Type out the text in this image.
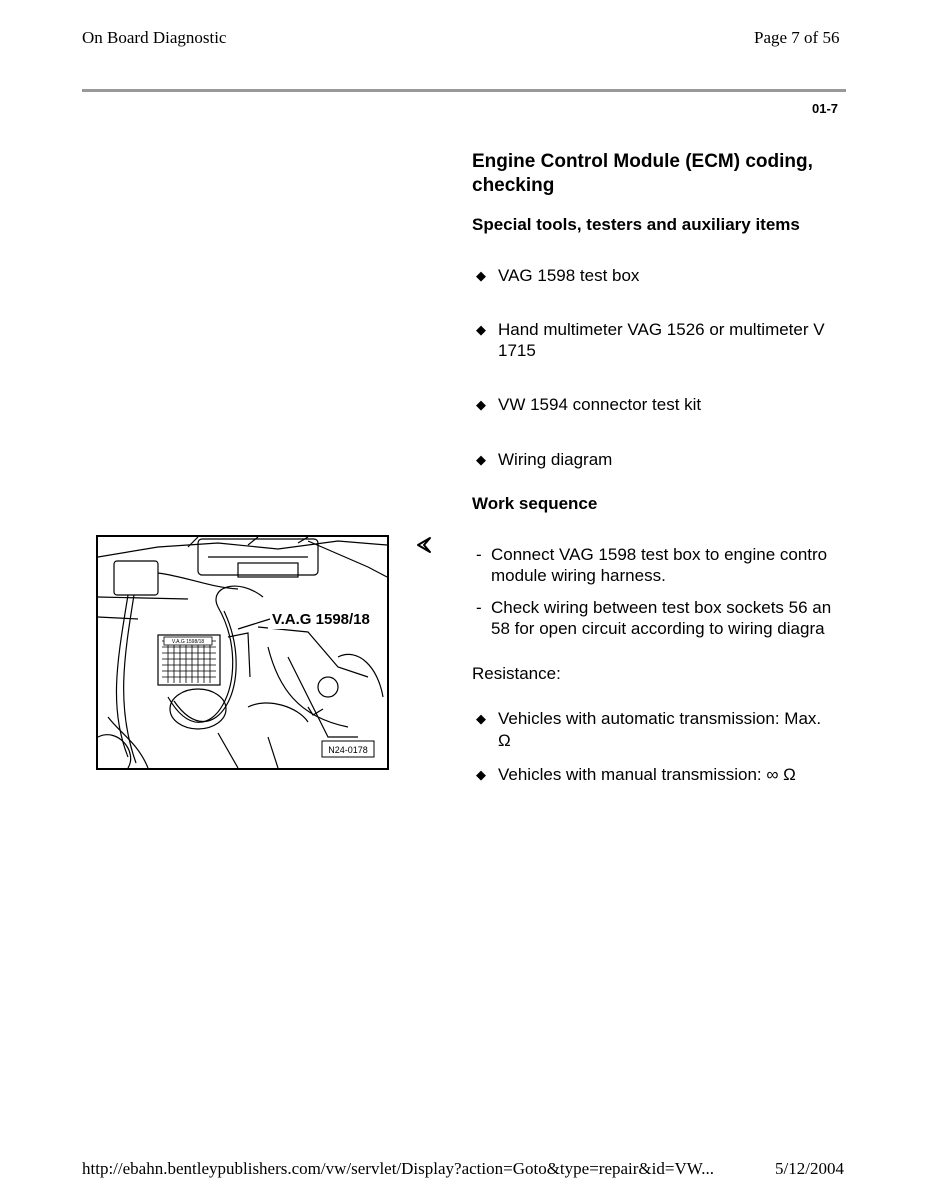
On Board Diagnostic	Page 7 of 56
01-7
Engine Control Module (ECM) coding, checking
Special tools, testers and auxiliary items
◆ VAG 1598 test box
◆ Hand multimeter VAG 1526 or multimeter V
1715
◆ VW 1594 connector test kit
◆ Wiring diagram
Work sequence
- Connect VAG 1598 test box to engine contro
module wiring harness.
- Check wiring between test box sockets 56 an
58 for open circuit according to wiring diagra
Resistance:
◆ Vehicles with automatic transmission: Max.
Ω
◆ Vehicles with manual transmission: ∞ Ω
V.A.G 1598/18
V.A.G 1598/18
N24-0178
http://ebahn.bentleypublishers.com/vw/servlet/Display?action=Goto&type=repair&id=VW...	5/12/2004
